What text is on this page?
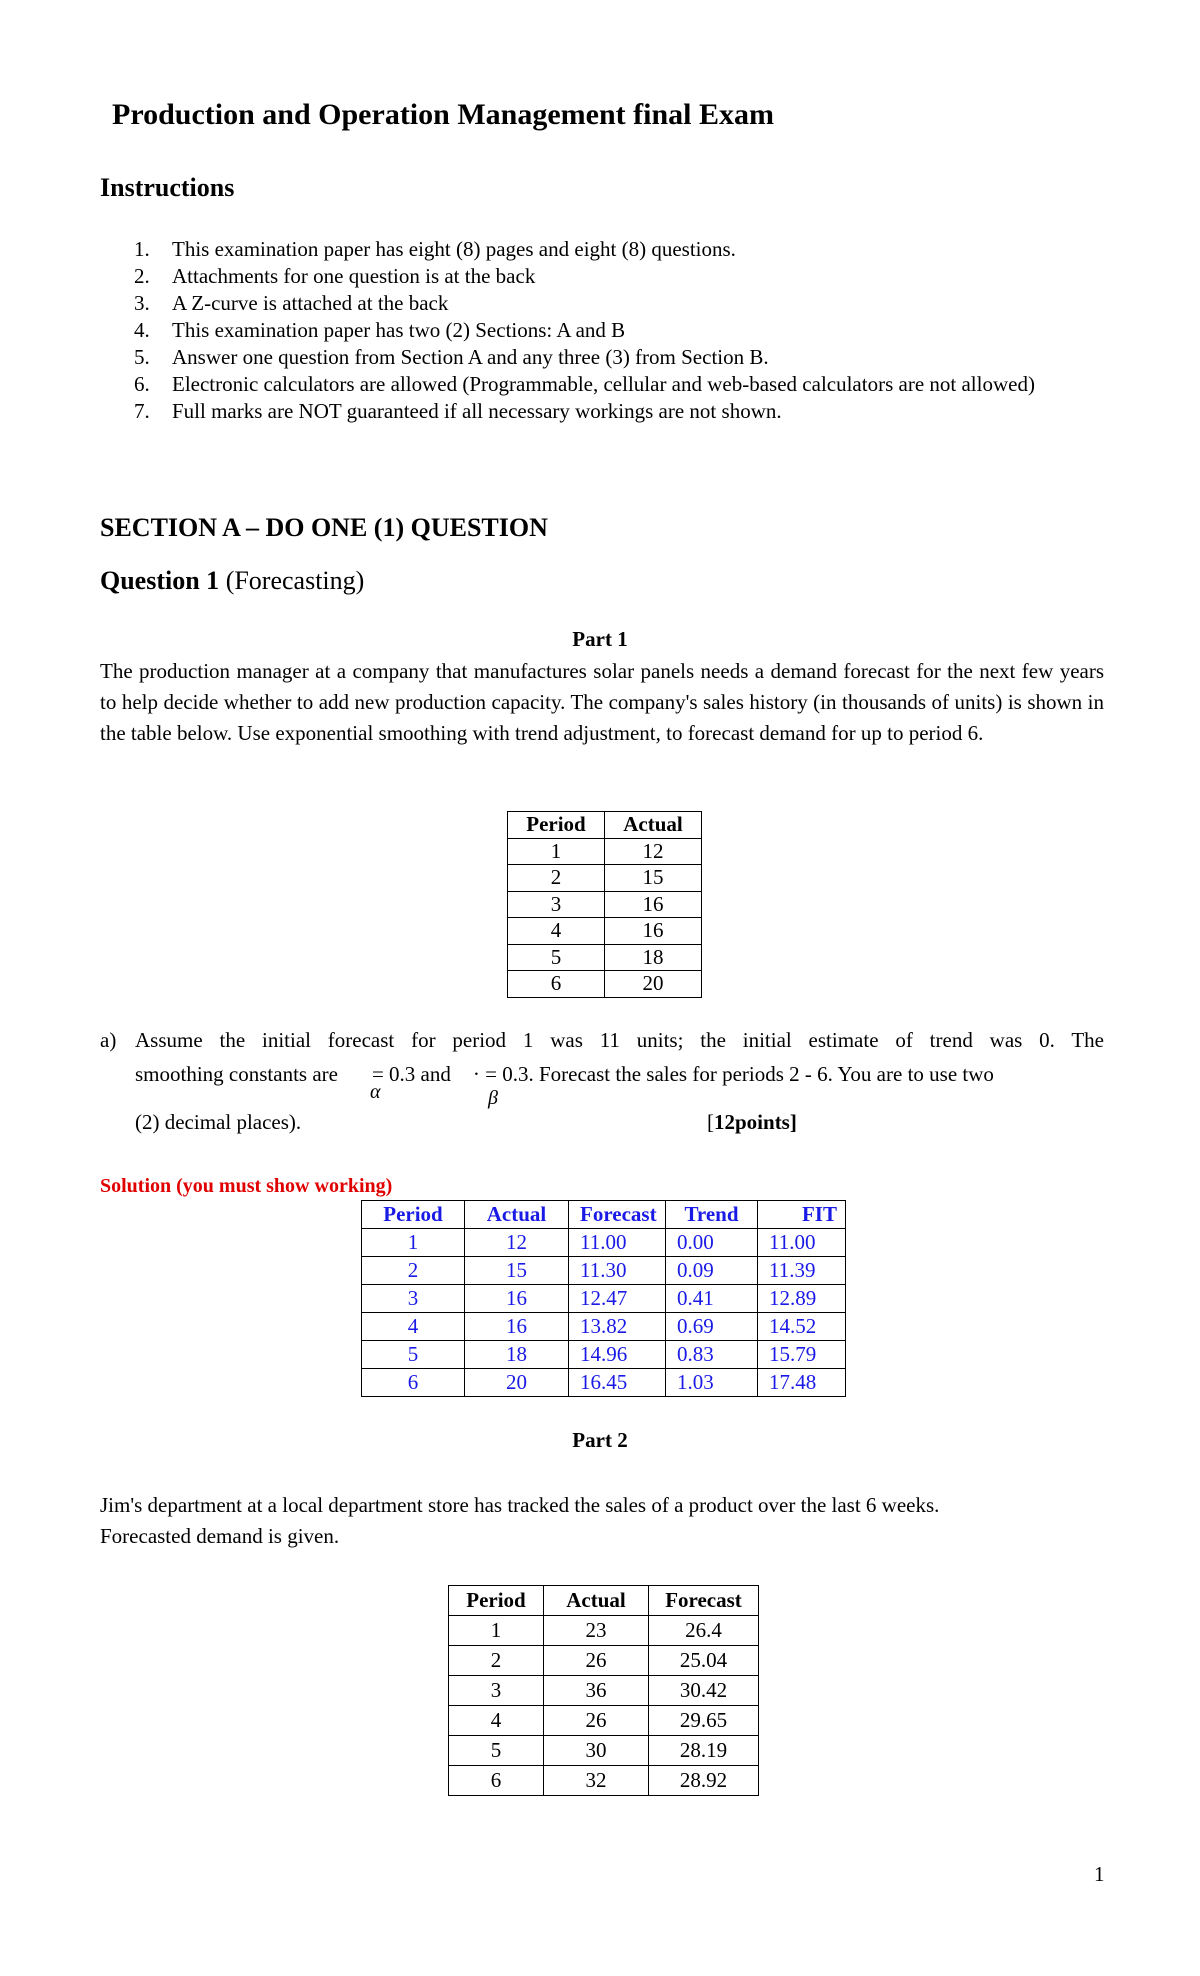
Production and Operation Management final Exam
Instructions
1. This examination paper has eight (8) pages and eight (8) questions.
2. Attachments for one question is at the back
3. A Z-curve is attached at the back
4. This examination paper has two (2) Sections: A and B
5. Answer one question from Section A and any three (3) from Section B.
6. Electronic calculators are allowed (Programmable, cellular and web-based calculators are not allowed)
7. Full marks are NOT guaranteed if all necessary workings are not shown.
SECTION A – DO ONE (1) QUESTION
Question 1 (Forecasting)
Part 1
The production manager at a company that manufactures solar panels needs a demand forecast for the next few years to help decide whether to add new production capacity. The company's sales history (in thousands of units) is shown in the table below. Use exponential smoothing with trend adjustment, to forecast demand for up to period 6.
Period	Actual
1	12
2	15
3	16
4	16
5	18
6	20
a) Assume the initial forecast for period 1 was 11 units; the initial estimate of trend was 0. The
smoothing constants are = 0.3 and · = 0.3. Forecast the sales for periods 2 - 6. You are to use two
α	β
(2) decimal places).	[12points]
Solution (you must show working)
Period	Actual	Forecast	Trend	FIT
1	12	11.00	0.00	11.00
2	15	11.30	0.09	11.39
3	16	12.47	0.41	12.89
4	16	13.82	0.69	14.52
5	18	14.96	0.83	15.79
6	20	16.45	1.03	17.48
Part 2
Jim's department at a local department store has tracked the sales of a product over the last 6 weeks.
Forecasted demand is given.
Period	Actual	Forecast
1	23	26.4
2	26	25.04
3	36	30.42
4	26	29.65
5	30	28.19
6	32	28.92
1
